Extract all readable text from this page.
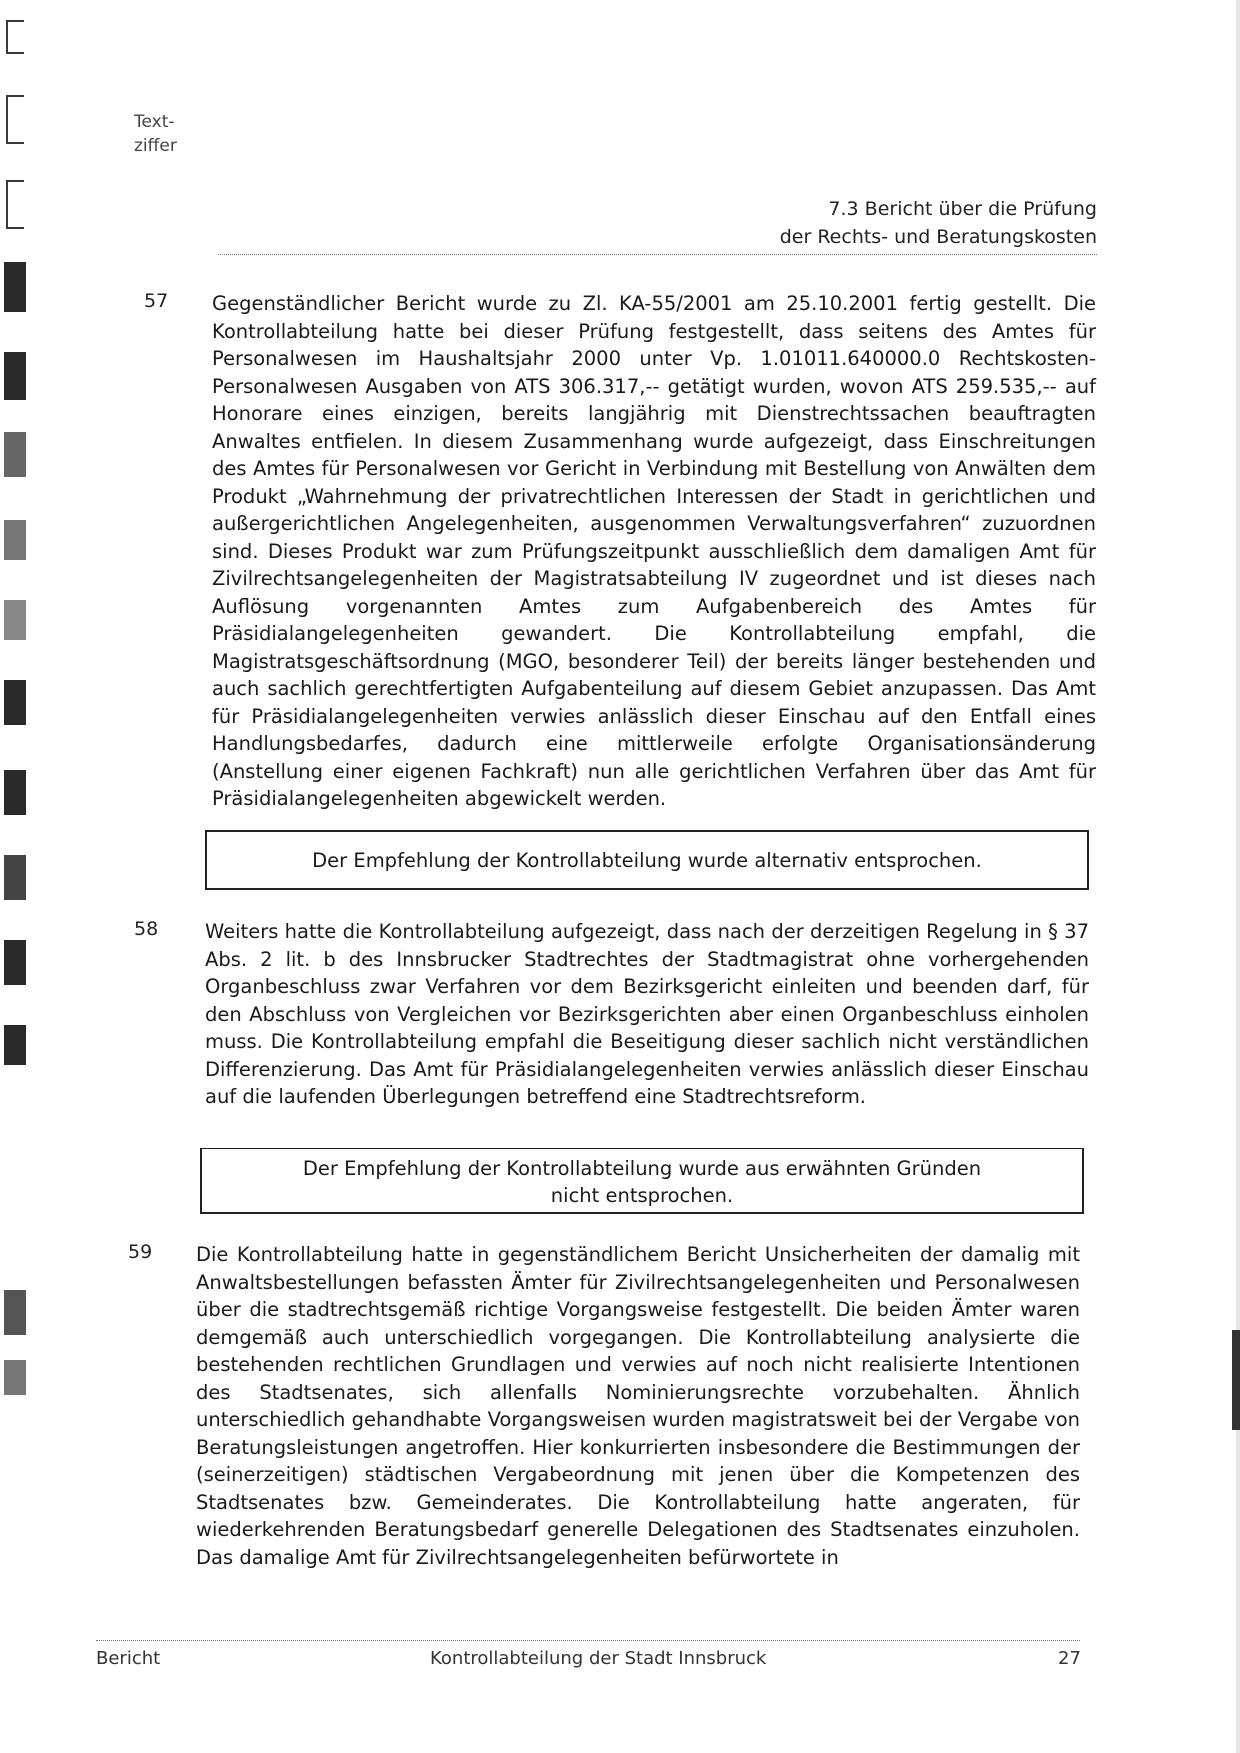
Text-
ziffer
7.3 Bericht über die Prüfung
der Rechts- und Beratungskosten
57 Gegenständlicher Bericht wurde zu Zl. KA-55/2001 am 25.10.2001 fertig gestellt. Die Kontrollabteilung hatte bei dieser Prüfung festgestellt, dass seitens des Amtes für Personalwesen im Haushaltsjahr 2000 unter Vp. 1.01011.640000.0 Rechtskosten-Personalwesen Ausgaben von ATS 306.317,-- getätigt wurden, wovon ATS 259.535,-- auf Honorare eines einzigen, bereits langjährig mit Dienstrechtssachen beauftragten Anwaltes entfielen. In diesem Zusammenhang wurde aufgezeigt, dass Einschreitungen des Amtes für Personalwesen vor Gericht in Verbindung mit Bestellung von Anwälten dem Produkt „Wahrnehmung der privatrechtlichen Interessen der Stadt in gerichtlichen und außergerichtlichen Angelegenheiten, ausgenommen Verwaltungsverfahren“ zuzuordnen sind. Dieses Produkt war zum Prüfungszeitpunkt ausschließlich dem damaligen Amt für Zivilrechtsangelegenheiten der Magistratsabteilung IV zugeordnet und ist dieses nach Auflösung vorgenannten Amtes zum Aufgabenbereich des Amtes für Präsidialangelegenheiten gewandert. Die Kontrollabteilung empfahl, die Magistratsgeschäftsordnung (MGO, besonderer Teil) der bereits länger bestehenden und auch sachlich gerechtfertigten Aufgabenteilung auf diesem Gebiet anzupassen. Das Amt für Präsidialangelegenheiten verwies anlässlich dieser Einschau auf den Entfall eines Handlungsbedarfes, dadurch eine mittlerweile erfolgte Organisationsänderung (Anstellung einer eigenen Fachkraft) nun alle gerichtlichen Verfahren über das Amt für Präsidialangelegenheiten abgewickelt werden.
Der Empfehlung der Kontrollabteilung wurde alternativ entsprochen.
58 Weiters hatte die Kontrollabteilung aufgezeigt, dass nach der derzeitigen Regelung in § 37 Abs. 2 lit. b des Innsbrucker Stadtrechtes der Stadtmagistrat ohne vorhergehenden Organbeschluss zwar Verfahren vor dem Bezirksgericht einleiten und beenden darf, für den Abschluss von Vergleichen vor Bezirksgerichten aber einen Organbeschluss einholen muss. Die Kontrollabteilung empfahl die Beseitigung dieser sachlich nicht verständlichen Differenzierung. Das Amt für Präsidialangelegenheiten verwies anlässlich dieser Einschau auf die laufenden Überlegungen betreffend eine Stadtrechtsreform.
Der Empfehlung der Kontrollabteilung wurde aus erwähnten Gründen
nicht entsprochen.
59 Die Kontrollabteilung hatte in gegenständlichem Bericht Unsicherheiten der damalig mit Anwaltsbestellungen befassten Ämter für Zivilrechtsangelegenheiten und Personalwesen über die stadtrechtsgemäß richtige Vorgangsweise festgestellt. Die beiden Ämter waren demgemäß auch unterschiedlich vorgegangen. Die Kontrollabteilung analysierte die bestehenden rechtlichen Grundlagen und verwies auf noch nicht realisierte Intentionen des Stadtsenates, sich allenfalls Nominierungsrechte vorzubehalten. Ähnlich unterschiedlich gehandhabte Vorgangsweisen wurden magistratsweit bei der Vergabe von Beratungsleistungen angetroffen. Hier konkurrierten insbesondere die Bestimmungen der (seinerzeitigen) städtischen Vergabeordnung mit jenen über die Kompetenzen des Stadtsenates bzw. Gemeinderates. Die Kontrollabteilung hatte angeraten, für wiederkehrenden Beratungsbedarf generelle Delegationen des Stadtsenates einzuholen. Das damalige Amt für Zivilrechtsangelegenheiten befürwortete in
Bericht	Kontrollabteilung der Stadt Innsbruck	27
